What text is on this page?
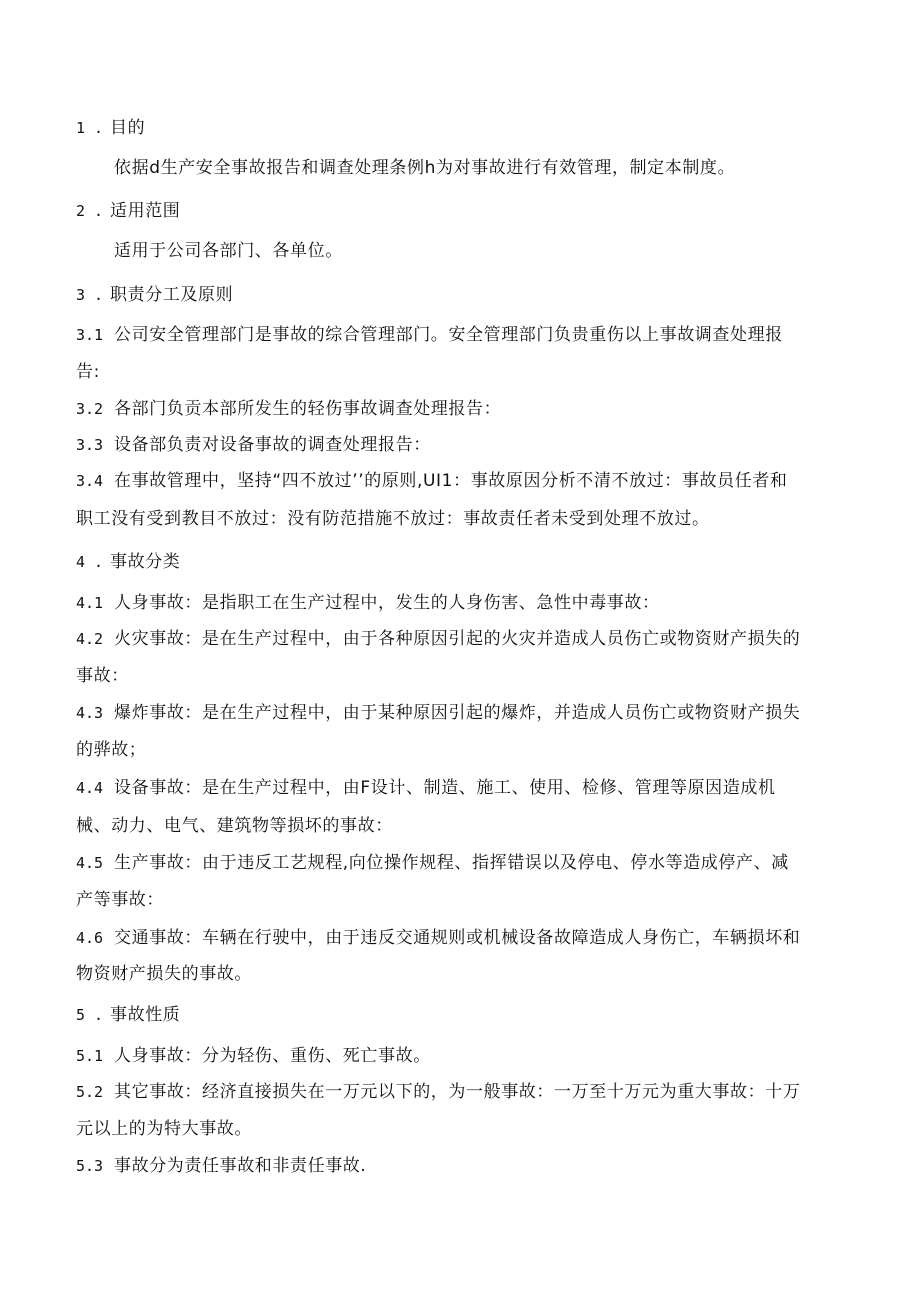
1 . 目的
依据d生产安全事故报告和调查处理条例h为对事故进行有效管理，制定本制度。
2 . 适用范围
适用于公司各部门、各单位。
3 . 职责分工及原则
3.1 公司安全管理部门是事故的综合管理部门。安全管理部门负贵重伤以上事故调查处理报
告:
3.2 各部门负贡本部所发生的轻伤事故调查处理报告：
3.3 设备部负责对设备事故的调查处理报告：
3.4 在事故管理中，坚持“四不放过’’的原则,UI1：事故原因分析不清不放过：事故员任者和
职工没有受到教目不放过：没有防范措施不放过：事故责任者未受到处理不放过。
4 . 事故分类
4.1 人身事故：是指职工在生产过程中，发生的人身伤害、急性中毒事故：
4.2 火灾事故：是在生产过程中，由于各种原因引起的火灾并造成人员伤亡或物资财产损失的
事故：
4.3 爆炸事故：是在生产过程中，由于某种原因引起的爆炸，并造成人员伤亡或物资财产损失
的骅故；
4.4 设备事故：是在生产过程中，由F设计、制造、施工、使用、检修、管理等原因造成机
械、动力、电气、建筑物等损坏的事故：
4.5 生产事故：由于违反工艺规程,向位操作规程、指挥错误以及停电、停水等造成停产、减
产等事故：
4.6 交通事故：车辆在行驶中，由于违反交通规则或机械设备故障造成人身伤亡，车辆损坏和
物资财产损失的事故。
5 . 事故性质
5.1 人身事故：分为轻伤、重伤、死亡事故。
5.2 其它事故：经济直接损失在一万元以下的，为一般事故：一万至十万元为重大事故：十万
元以上的为特大事故。
5.3 事故分为责任事故和非责任事故.
